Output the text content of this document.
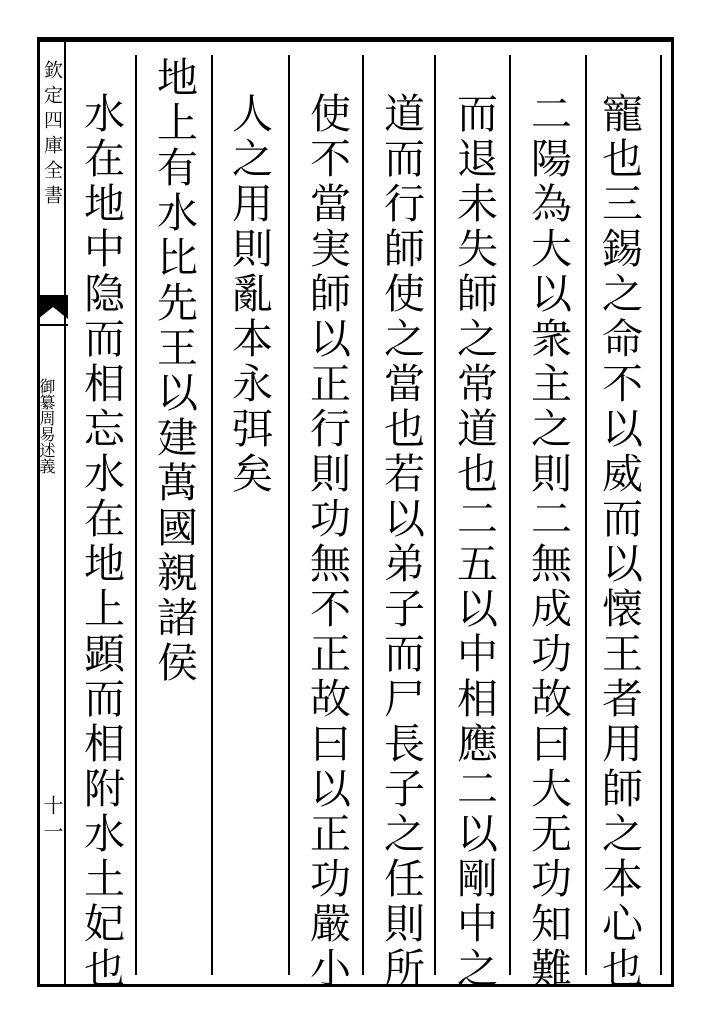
欽定四庫全書
御纂周易述義
十一	寵也三錫之命不以威而以懐王者用師之本心也
二陽為大以衆主之則二無成功故曰大无功知難
而退未失師之常道也二五以中相應二以剛中之
道而行師使之當也若以弟子而尸長子之任則所
使不當実師以正行則功無不正故曰以正功嚴小
人之用則亂本永弭矣
地上有水比先王以建萬國親諸侯
水在地中隐而相忘水在地上顕而相附水土妃也
